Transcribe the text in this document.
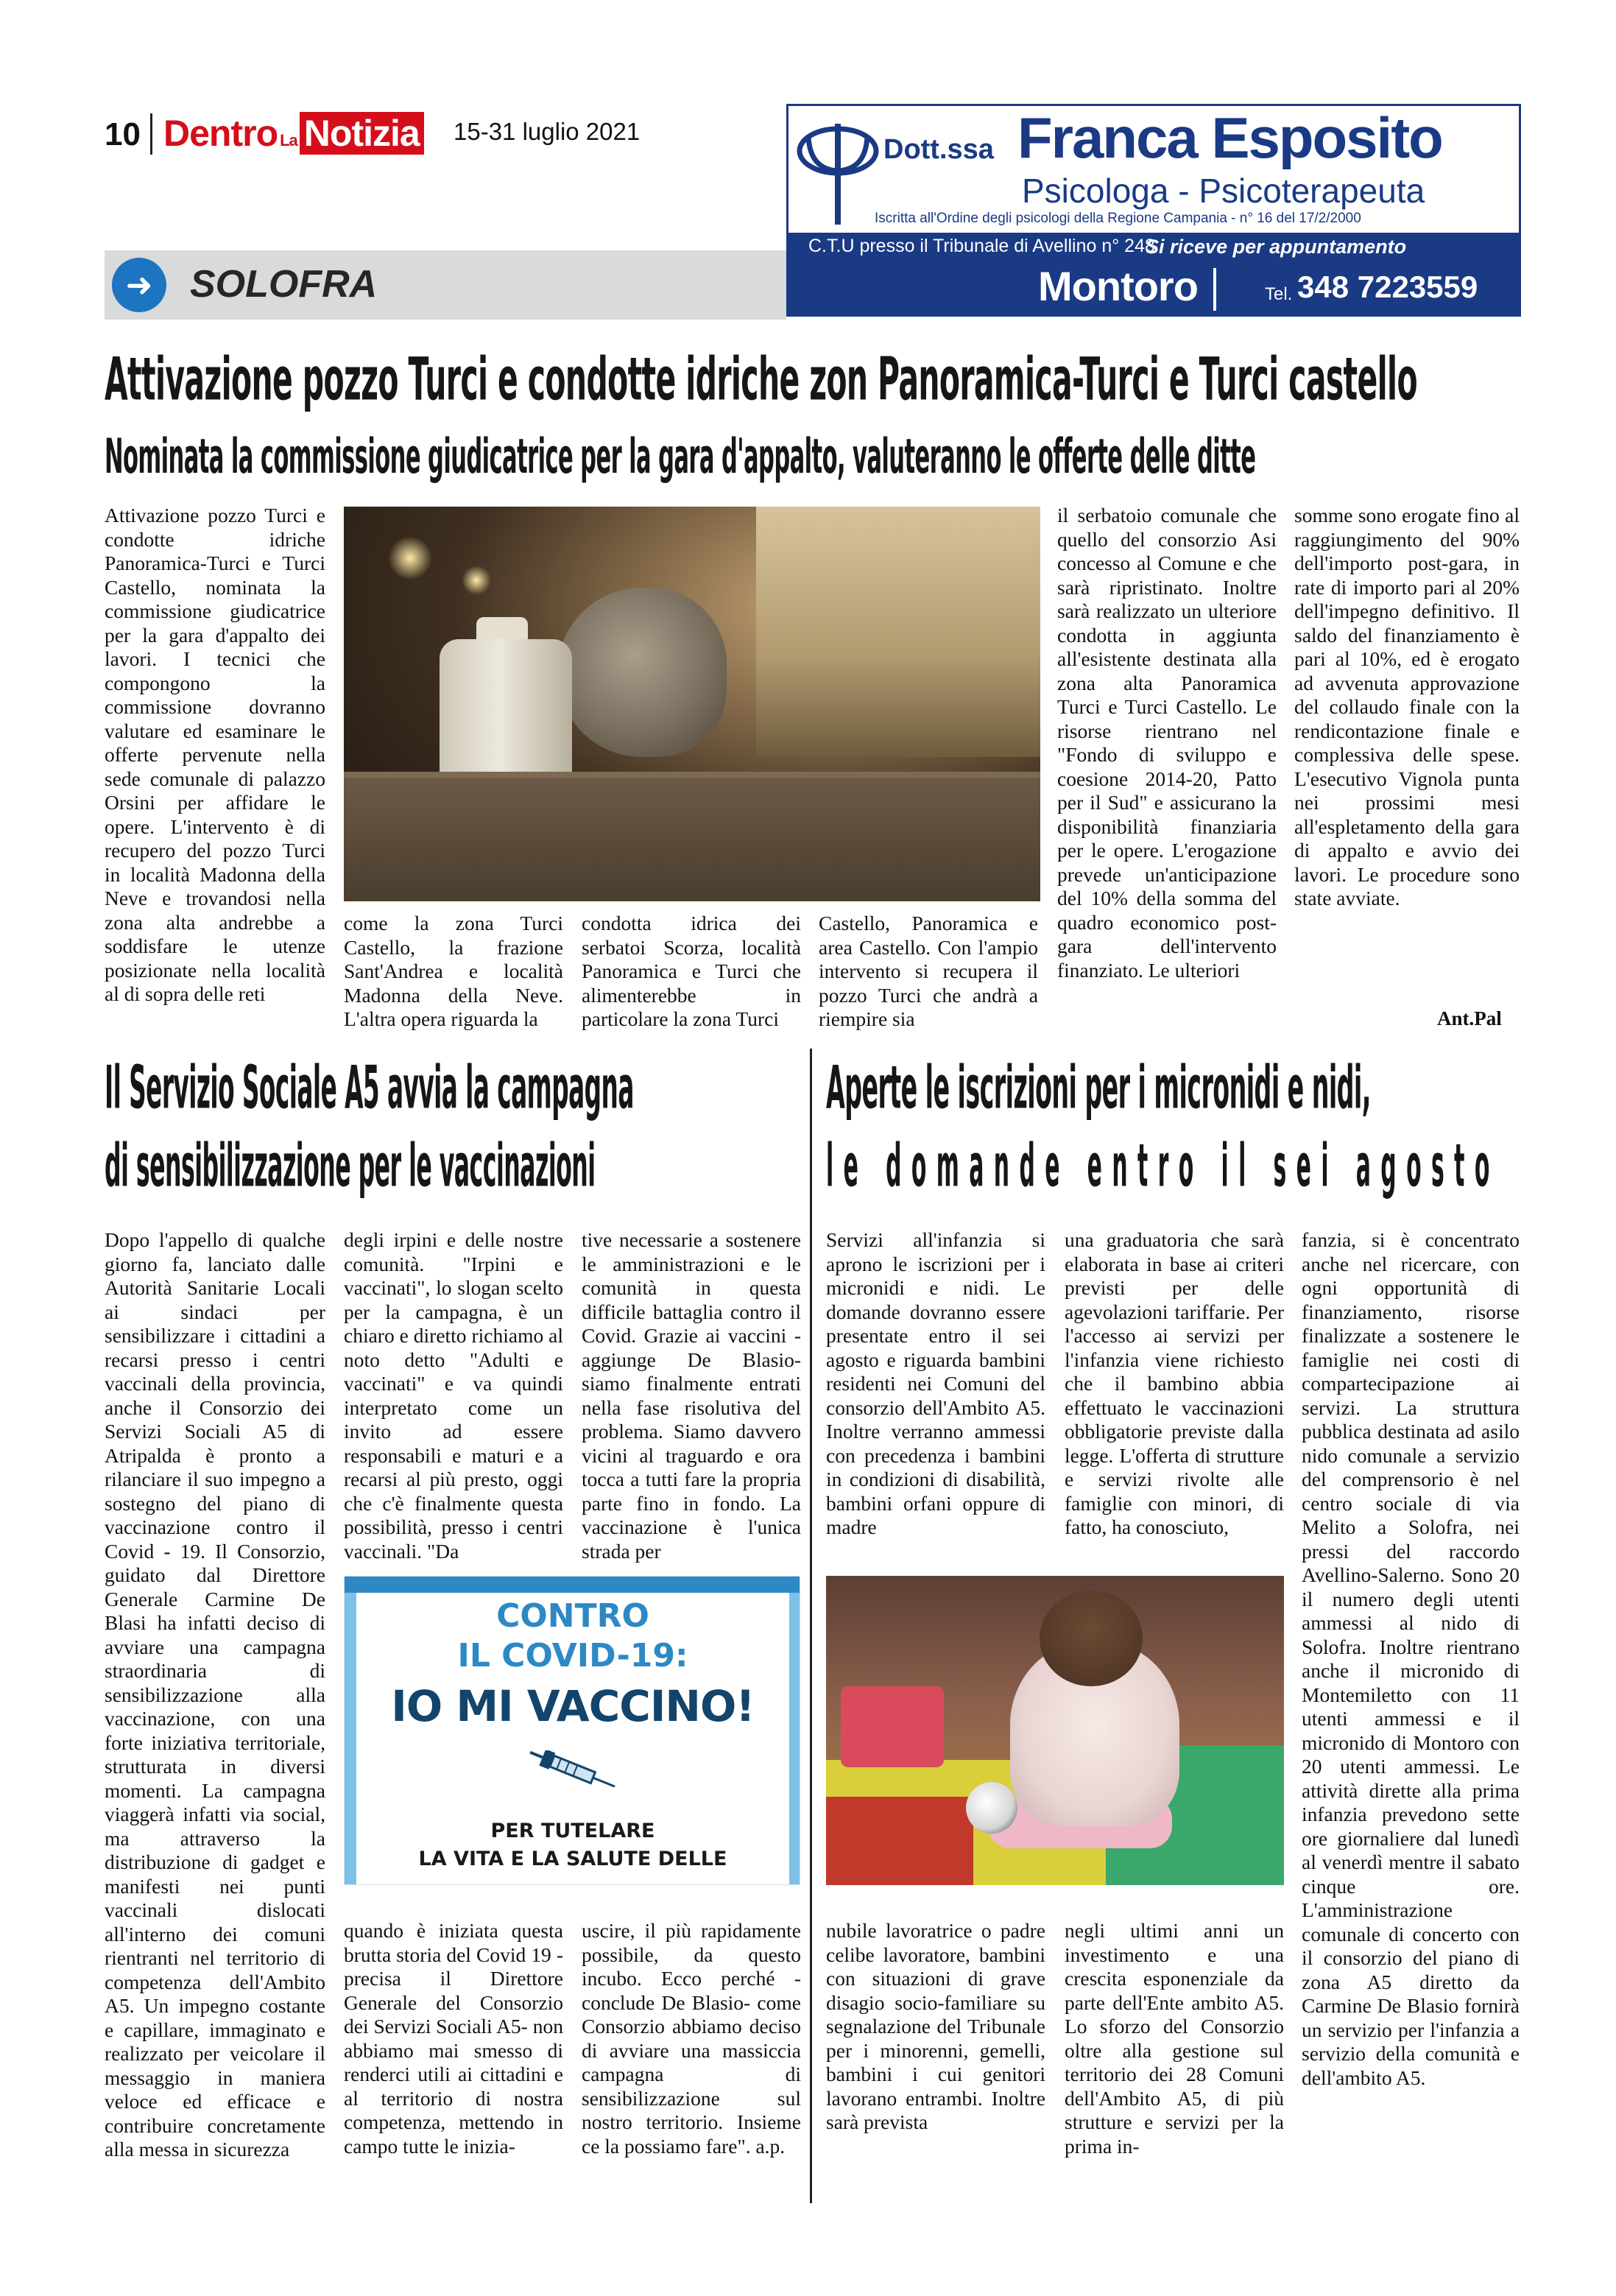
10 Dentro La Notizia 15-31 luglio 2021
➜ SOLOFRA
Dott.ssa Franca Esposito
Psicologa - Psicoterapeuta
Iscritta all'Ordine degli psicologi della Regione Campania - n° 16 del 17/2/2000
C.T.U presso il Tribunale di Avellino n° 248
Si riceve per appuntamento
Montoro	Tel. 348 7223559
Attivazione pozzo Turci e condotte idriche zon Panoramica-Turci e Turci castello
Nominata la commissione giudicatrice per la gara d'appalto, valuteranno le offerte delle ditte
Attivazione pozzo Turci e condotte idriche Panoramica-Turci e Turci Castello, nominata la commissione giudicatrice per la gara d'appalto dei lavori. I tecnici che compongono la commissione dovranno valutare ed esaminare le offerte pervenute nella sede comunale di palazzo Orsini per affidare le opere. L'intervento è di recupero del pozzo Turci in località Madonna della Neve e trovandosi nella zona alta andrebbe a soddisfare le utenze posizionate nella località al di sopra delle reti
come la zona Turci Castello, la frazione Sant'Andrea e località Madonna della Neve. L'altra opera riguarda la
condotta idrica dei serbatoi Scorza, località Panoramica e Turci che alimenterebbe in particolare la zona Turci
Castello, Panoramica e area Castello. Con l'ampio intervento si recupera il pozzo Turci che andrà a riempire sia
il serbatoio comunale che quello del consorzio Asi concesso al Comune e che sarà ripristinato. Inoltre sarà realizzato un ulteriore condotta in aggiunta all'esistente destinata alla zona alta Panoramica Turci e Turci Castello. Le risorse rientrano nel "Fondo di sviluppo e coesione 2014-20, Patto per il Sud" e assicurano la disponibilità finanziaria per le opere. L'erogazione prevede un'anticipazione del 10% della somma del quadro economico post-gara dell'intervento finanziato. Le ulteriori
somme sono erogate fino al raggiungimento del 90% dell'importo post-gara, in rate di importo pari al 20% dell'impegno definitivo. Il saldo del finanziamento è pari al 10%, ed è erogato ad avvenuta approvazione del collaudo finale con la rendicontazione finale e complessiva delle spese. L'esecutivo Vignola punta nei prossimi mesi all'espletamento della gara di appalto e avvio dei lavori. Le procedure sono state avviate.
Ant.Pal
Il Servizio Sociale A5 avvia la campagna
di sensibilizzazione per le vaccinazioni
Dopo l'appello di qualche giorno fa, lanciato dalle Autorità Sanitarie Locali ai sindaci per sensibilizzare i cittadini a recarsi presso i centri vaccinali della provincia, anche il Consorzio dei Servizi Sociali A5 di Atripalda è pronto a rilanciare il suo impegno a sostegno del piano di vaccinazione contro il Covid - 19. Il Consorzio, guidato dal Direttore Generale Carmine De Blasi ha infatti deciso di avviare una campagna straordinaria di sensibilizzazione alla vaccinazione, con una forte iniziativa territoriale, strutturata in diversi momenti. La campagna viaggerà infatti via social, ma attraverso la distribuzione di gadget e manifesti nei punti vaccinali dislocati all'interno dei comuni rientranti nel territorio di competenza dell'Ambito A5. Un impegno costante e capillare, immaginato e realizzato per veicolare il messaggio in maniera veloce ed efficace e contribuire concretamente alla messa in sicurezza
degli irpini e delle nostre comunità. "Irpini e vaccinati", lo slogan scelto per la campagna, è un chiaro e diretto richiamo al noto detto "Adulti e vaccinati" e va quindi interpretato come un invito ad essere responsabili e maturi e a recarsi al più presto, oggi che c'è finalmente questa possibilità, presso i centri vaccinali. "Da
tive necessarie a sostenere le amministrazioni e le comunità in questa difficile battaglia contro il Covid. Grazie ai vaccini -aggiunge De Blasio- siamo finalmente entrati nella fase risolutiva del problema. Siamo davvero vicini al traguardo e ora tocca a tutti fare la propria parte fino in fondo. La vaccinazione è l'unica strada per
CONTRO
IL COVID-19:
IO MI VACCINO!
PER TUTELARE
LA VITA E LA SALUTE DELLE
quando è iniziata questa brutta storia del Covid 19 -precisa il Direttore Generale del Consorzio dei Servizi Sociali A5- non abbiamo mai smesso di renderci utili ai cittadini e al territorio di nostra competenza, mettendo in campo tutte le inizia-
uscire, il più rapidamente possibile, da questo incubo. Ecco perché -conclude De Blasio- come Consorzio abbiamo deciso di avviare una massiccia campagna di sensibilizzazione sul nostro territorio. Insieme ce la possiamo fare". a.p.
Aperte le iscrizioni per i micronidi e nidi,
le domande entro il sei agosto
Servizi all'infanzia si aprono le iscrizioni per i micronidi e nidi. Le domande dovranno essere presentate entro il sei agosto e riguarda bambini residenti nei Comuni del consorzio dell'Ambito A5. Inoltre verranno ammessi con precedenza i bambini in condizioni di disabilità, bambini orfani oppure di madre
una graduatoria che sarà elaborata in base ai criteri previsti per delle agevolazioni tariffarie. Per l'accesso ai servizi per l'infanzia viene richiesto che il bambino abbia effettuato le vaccinazioni obbligatorie previste dalla legge. L'offerta di strutture e servizi rivolte alle famiglie con minori, di fatto, ha conosciuto,
nubile lavoratrice o padre celibe lavoratore, bambini con situazioni di grave disagio socio-familiare su segnalazione del Tribunale per i minorenni, gemelli, bambini i cui genitori lavorano entrambi. Inoltre sarà prevista
negli ultimi anni un investimento e una crescita esponenziale da parte dell'Ente ambito A5. Lo sforzo del Consorzio oltre alla gestione sul territorio dei 28 Comuni dell'Ambito A5, di più strutture e servizi per la prima in-
fanzia, si è concentrato anche nel ricercare, con ogni opportunità di finanziamento, risorse finalizzate a sostenere le famiglie nei costi di compartecipazione ai servizi. La struttura pubblica destinata ad asilo nido comunale a servizio del comprensorio è nel centro sociale di via Melito a Solofra, nei pressi del raccordo Avellino-Salerno. Sono 20 il numero degli utenti ammessi al nido di Solofra. Inoltre rientrano anche il micronido di Montemiletto con 11 utenti ammessi e il micronido di Montoro con 20 utenti ammessi. Le attività dirette alla prima infanzia prevedono sette ore giornaliere dal lunedì al venerdì mentre il sabato cinque ore. L'amministrazione comunale di concerto con il consorzio del piano di zona A5 diretto da Carmine De Blasio fornirà un servizio per l'infanzia a servizio della comunità e dell'ambito A5.
